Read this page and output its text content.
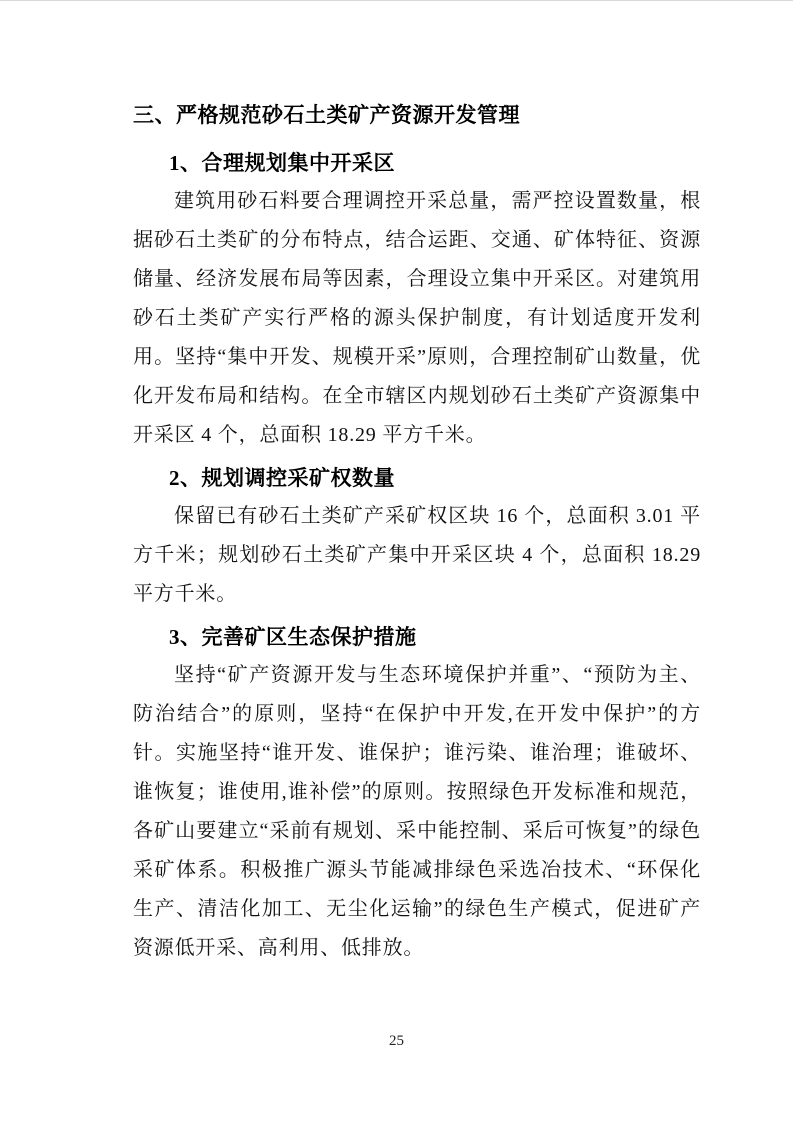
三、严格规范砂石土类矿产资源开发管理
1、合理规划集中开采区

建筑用砂石料要合理调控开采总量，需严控设置数量，根据砂石土类矿的分布特点，结合运距、交通、矿体特征、资源储量、经济发展布局等因素，合理设立集中开采区。对建筑用砂石土类矿产实行严格的源头保护制度，有计划适度开发利用。坚持“集中开发、规模开采”原则，合理控制矿山数量，优化开发布局和结构。在全市辖区内规划砂石土类矿产资源集中开采区 4 个，总面积 18.29 平方千米。

2、规划调控采矿权数量

保留已有砂石土类矿产采矿权区块 16 个，总面积 3.01 平方千米；规划砂石土类矿产集中开采区块 4 个，总面积 18.29 平方千米。

3、完善矿区生态保护措施

坚持“矿产资源开发与生态环境保护并重”、“预防为主、防治结合”的原则，坚持“在保护中开发,在开发中保护”的方针。实施坚持“谁开发、谁保护；谁污染、谁治理；谁破坏、谁恢复；谁使用,谁补偿”的原则。按照绿色开发标准和规范，各矿山要建立“采前有规划、采中能控制、采后可恢复”的绿色采矿体系。积极推广源头节能减排绿色采选冶技术、“环保化生产、清洁化加工、无尘化运输”的绿色生产模式，促进矿产资源低开采、高利用、低排放。

25
